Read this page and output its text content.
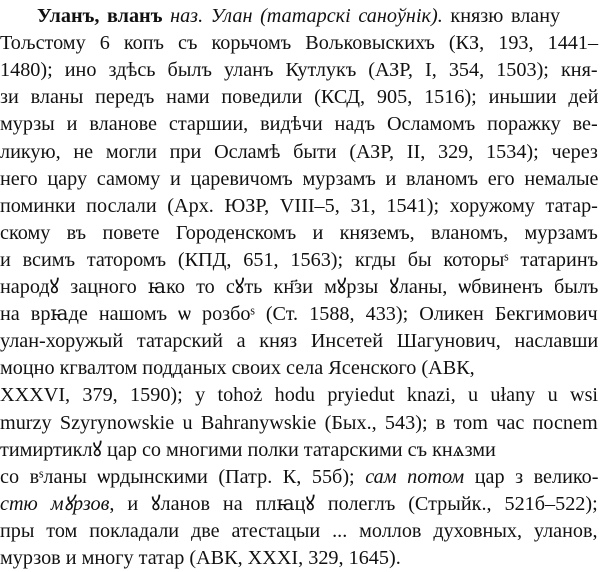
Уланъ, вланъ наз. Улан (татарскі саноўнік). князю влану
Тољстому 6 копъ съ корьчомъ Вољковыскихъ (КЗ, 193, 1441–
1480); ино здѣсь былъ уланъ Кутлукъ (АЗР, I, 354, 1503); кня-
зи вланы передъ нами поведили (КСД, 905, 1516); иньшии дей
мурзы и вланове старшии, видѣчи надъ Осламомъ поражку ве-
ликую, не могли при Осламѣ быти (АЗР, II, 329, 1534); через
него цару самому и царевичомъ мурзамъ и вланомъ его немалые
поминки послали (Арх. ЮЗР, VIII–5, 31, 1541); хоружому татар-
скому въ повете Городенскомъ и княземъ, вланомъ, мурзамъ
и всимъ таторомъ (КПД, 651, 1563); кгды бы которыˢ татаринъ
народꙋ зацного ꙗко то сꙋть кн҃зи мꙋрзы ꙋланы, ѡбвиненъ былъ
на врꙗде нашомъ ѡ розбоˢ (Ст. 1588, 433); Оликен Бекгимович
улан-хоружый татарский а княз Инсетей Шагунович, наславши
моцно кгвалтом подданых своих села Ясенского (АВК,
XXXVI, 379, 1590); у tohoż hodu pryiedut knazi, u ułany u wsi
murzy Szyrynowskie u Bahranywskie (Бых., 543); в тоm час посnеm
тимиртиклꙋ цар со многими полки татарскими съ кнѧзми
со вˢланы ѡрдынскими (Патр. К, 55б); сам потом цар з велико-
стю мꙋрзов, и ꙋланов на плꙗцꙋ полеглъ (Стрыйк., 521б–522);
пры том покладали две атестацыи ... моллов духовных, уланов,
мурзов и многу татар (АВК, XXXI, 329, 1645).
